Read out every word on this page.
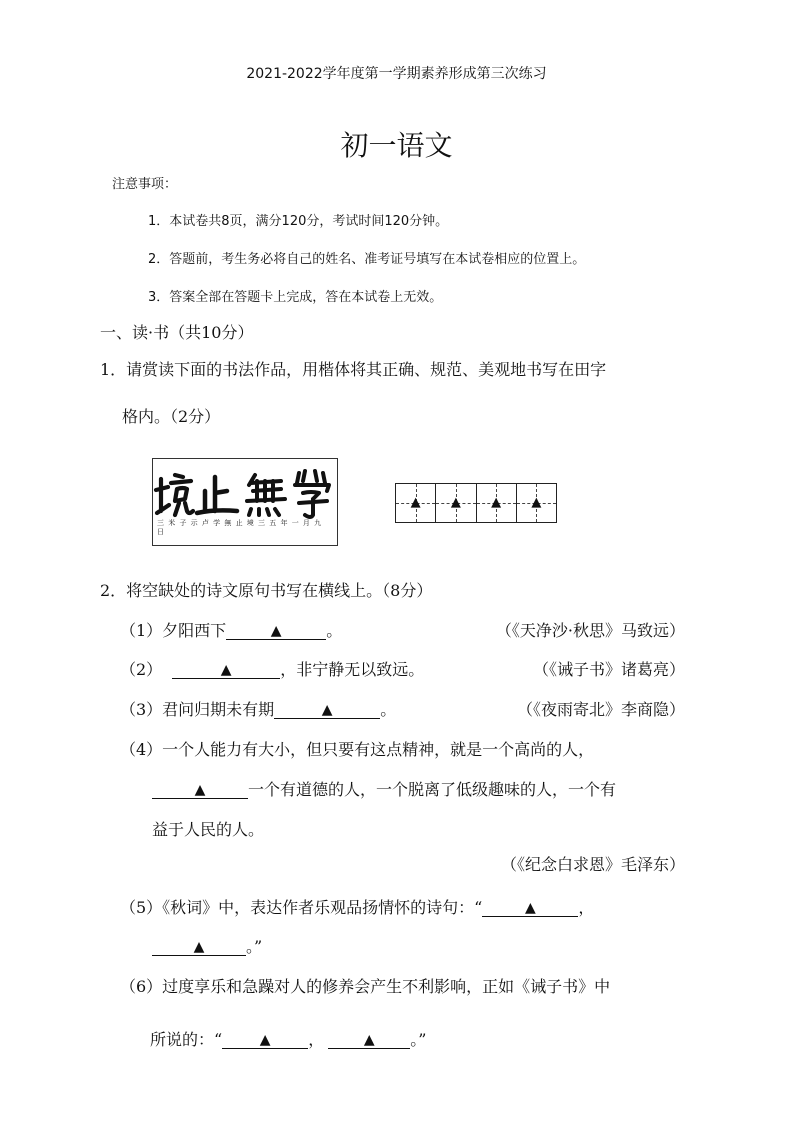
2021-2022学年度第一学期素养形成第三次练习
初一语文
注意事项：
1．本试卷共8页，满分120分，考试时间120分钟。
2．答题前，考生务必将自己的姓名、准考证号填写在本试卷相应的位置上。
3．答案全部在答题卡上完成，答在本试卷上无效。
一、读·书（共10分）
1．请赏读下面的书法作品，用楷体将其正确、规范、美观地书写在田字
格内。（2分）
三 米 子 示 卢 学 無 止 境 三 五 年 一 月 九 日
▲ ▲ ▲ ▲
2．将空缺处的诗文原句书写在横线上。（8分）
（1）夕阳西下	▲	。	（《天净沙·秋思》马致远）
（2）	▲	，非宁静无以致远。	（《诫子书》诸葛亮）
（3）君问归期未有期	▲	。	（《夜雨寄北》李商隐）
（4）一个人能力有大小，但只要有这点精神，就是一个高尚的人，
▲	一个有道德的人，一个脱离了低级趣味的人，一个有
益于人民的人。
（《纪念白求恩》毛泽东）
（5）《秋词》中，表达作者乐观品扬情怀的诗句：“	▲	，
▲	。”
（6）过度享乐和急躁对人的修养会产生不利影响，正如《诫子书》中
所说的：“	▲ ，	▲ 。”
